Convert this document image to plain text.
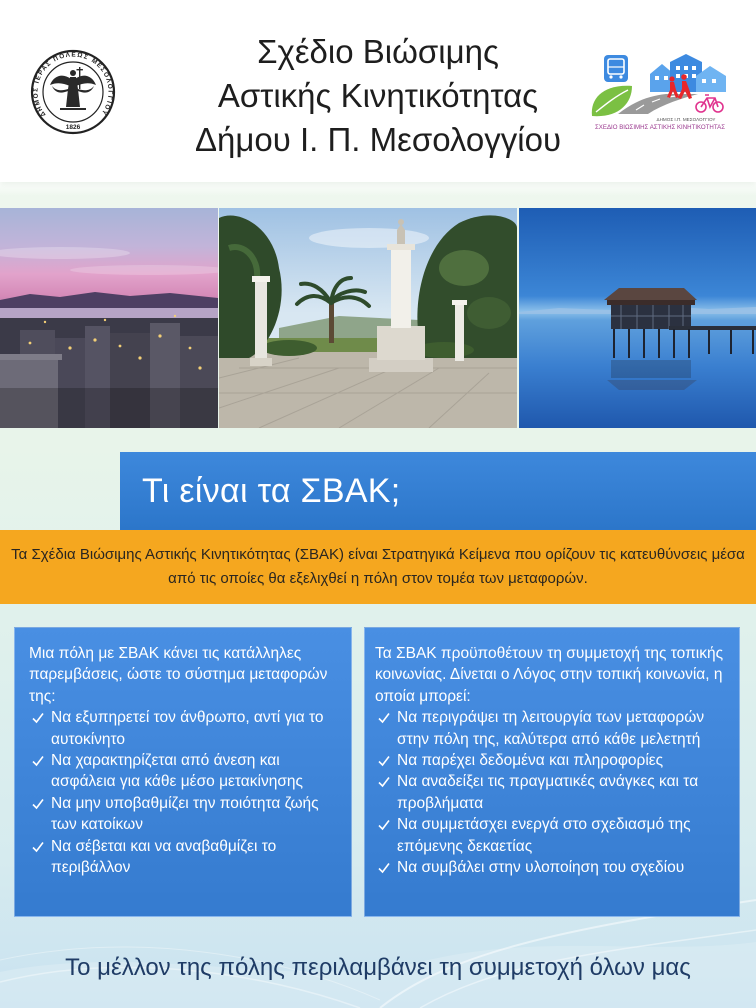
ΔΗΜΟΣ ΙΕΡΑΣ ΠΟΛΕΩΣ ΜΕΣΟΛΟΓΓΙΟΥ
1826
Σχέδιο Βιώσιμης
Αστικής Κινητικότητας
Δήμου Ι. Π. Μεσολογγίου
ΔΗΜΟΣ Ι.Π. ΜΕΣΟΛΟΓΓΙΟΥ
ΣΧΕΔΙΟ ΒΙΩΣΙΜΗΣ ΑΣΤΙΚΗΣ ΚΙΝΗΤΙΚΟΤΗΤΑΣ
Τι είναι τα ΣΒΑΚ;
Τα Σχέδια Βιώσιμης Αστικής Κινητικότητας (ΣΒΑΚ) είναι Στρατηγικά Κείμενα που ορίζουν τις κατευθύνσεις μέσα από τις οποίες θα εξελιχθεί η πόλη στον τομέα των μεταφορών.

Μια πόλη με ΣΒΑΚ κάνει τις κατάλληλες παρεμβάσεις, ώστε το σύστημα μεταφορών της:

Να εξυπηρετεί τον άνθρωπο, αντί για το αυτοκίνητο
Να χαρακτηρίζεται από άνεση και ασφάλεια για κάθε μέσο μετακίνησης
Να μην υποβαθμίζει την ποιότητα ζωής των κατοίκων
Να σέβεται και να αναβαθμίζει το περιβάλλον

Τα ΣΒΑΚ προϋποθέτουν τη συμμετοχή της τοπικής κοινωνίας. Δίνεται ο Λόγος στην τοπική κοινωνία, η οποία μπορεί:

Να περιγράψει τη λειτουργία των μεταφορών στην πόλη της, καλύτερα από κάθε μελετητή
Να παρέχει δεδομένα και πληροφορίες
Να αναδείξει τις πραγματικές ανάγκες και τα προβλήματα
Να συμμετάσχει ενεργά στο σχεδιασμό της επόμενης δεκαετίας
Να συμβάλει στην υλοποίηση του σχεδίου
Το μέλλον της πόλης περιλαμβάνει τη συμμετοχή όλων μας
